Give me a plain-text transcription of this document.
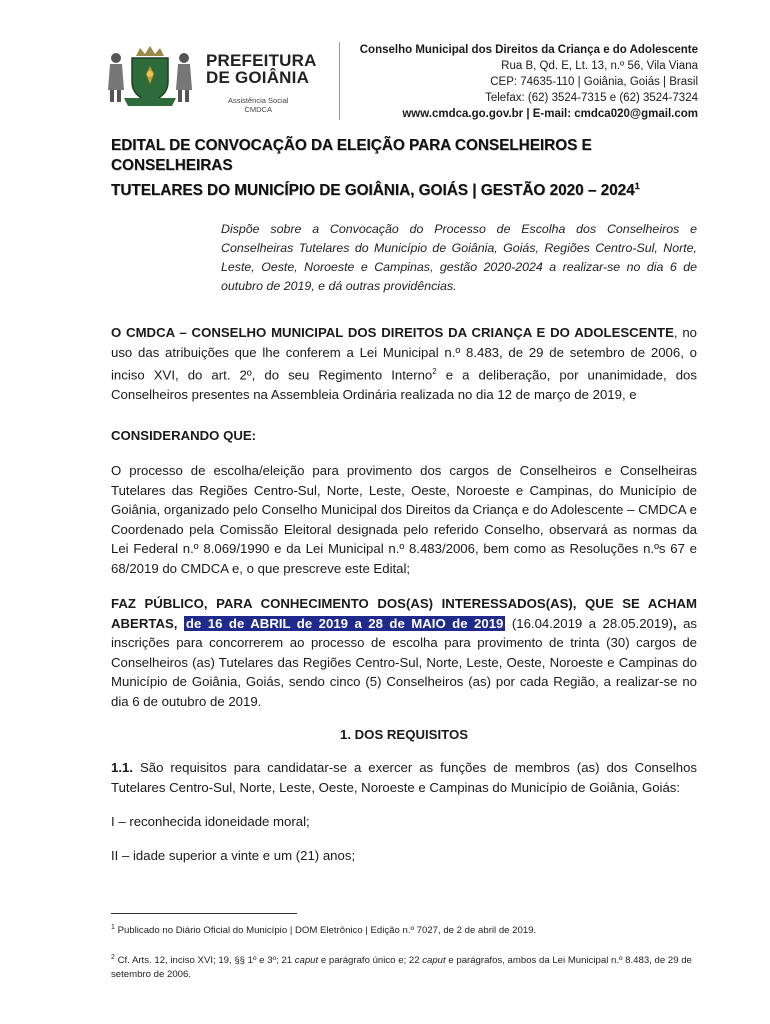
PREFEITURA
DE GOIÂNIA
Assistência Social
CMDCA
Conselho Municipal dos Direitos da Criança e do Adolescente
Rua B, Qd. E, Lt. 13, n.º 56, Vila Viana
CEP: 74635-110 | Goiânia, Goiás | Brasil
Telefax: (62) 3524-7315 e (62) 3524-7324
www.cmdca.go.gov.br | E-mail: cmdca020@gmail.com
EDITAL DE CONVOCAÇÃO DA ELEIÇÃO PARA CONSELHEIROS E CONSELHEIRAS
TUTELARES DO MUNICÍPIO DE GOIÂNIA, GOIÁS | GESTÃO 2020 – 2024$^1$
Dispõe sobre a Convocação do Processo de Escolha dos Conselheiros e Conselheiras Tutelares do Município de Goiânia, Goiás, Regiões Centro-Sul, Norte, Leste, Oeste, Noroeste e Campinas, gestão 2020-2024 a realizar-se no dia 6 de outubro de 2019, e dá outras providências.
O CMDCA – CONSELHO MUNICIPAL DOS DIREITOS DA CRIANÇA E DO ADOLESCENTE, no uso das atribuições que lhe conferem a Lei Municipal n.º 8.483, de 29 de setembro de 2006, o inciso XVI, do art. 2º, do seu Regimento Interno$^2$ e a deliberação, por unanimidade, dos Conselheiros presentes na Assembleia Ordinária realizada no dia 12 de março de 2019, e
CONSIDERANDO QUE:
O processo de escolha/eleição para provimento dos cargos de Conselheiros e Conselheiras Tutelares das Regiões Centro-Sul, Norte, Leste, Oeste, Noroeste e Campinas, do Município de Goiânia, organizado pelo Conselho Municipal dos Direitos da Criança e do Adolescente – CMDCA e Coordenado pela Comissão Eleitoral designada pelo referido Conselho, observará as normas da Lei Federal n.º 8.069/1990 e da Lei Municipal n.º 8.483/2006, bem como as Resoluções n.ºs 67 e 68/2019 do CMDCA e, o que prescreve este Edital;
FAZ PÚBLICO, PARA CONHECIMENTO DOS(AS) INTERESSADOS(AS), QUE SE ACHAM ABERTAS, de 16 de ABRIL de 2019 a 28 de MAIO de 2019 (16.04.2019 a 28.05.2019), as inscrições para concorrerem ao processo de escolha para provimento de trinta (30) cargos de Conselheiros (as) Tutelares das Regiões Centro-Sul, Norte, Leste, Oeste, Noroeste e Campinas do Município de Goiânia, Goiás, sendo cinco (5) Conselheiros (as) por cada Região, a realizar-se no dia 6 de outubro de 2019.
1. DOS REQUISITOS
1.1. São requisitos para candidatar-se a exercer as funções de membros (as) dos Conselhos Tutelares Centro-Sul, Norte, Leste, Oeste, Noroeste e Campinas do Município de Goiânia, Goiás:
I – reconhecida idoneidade moral;
II – idade superior a vinte e um (21) anos;
$^1$ Publicado no Diário Oficial do Município | DOM Eletrônico | Edição n.º 7027, de 2 de abril de 2019.
$^2$ Cf. Arts. 12, inciso XVI; 19, §§ 1º e 3º; 21 caput e parágrafo único e; 22 caput e parágrafos, ambos da Lei Municipal n.º 8.483, de 29 de setembro de 2006.
